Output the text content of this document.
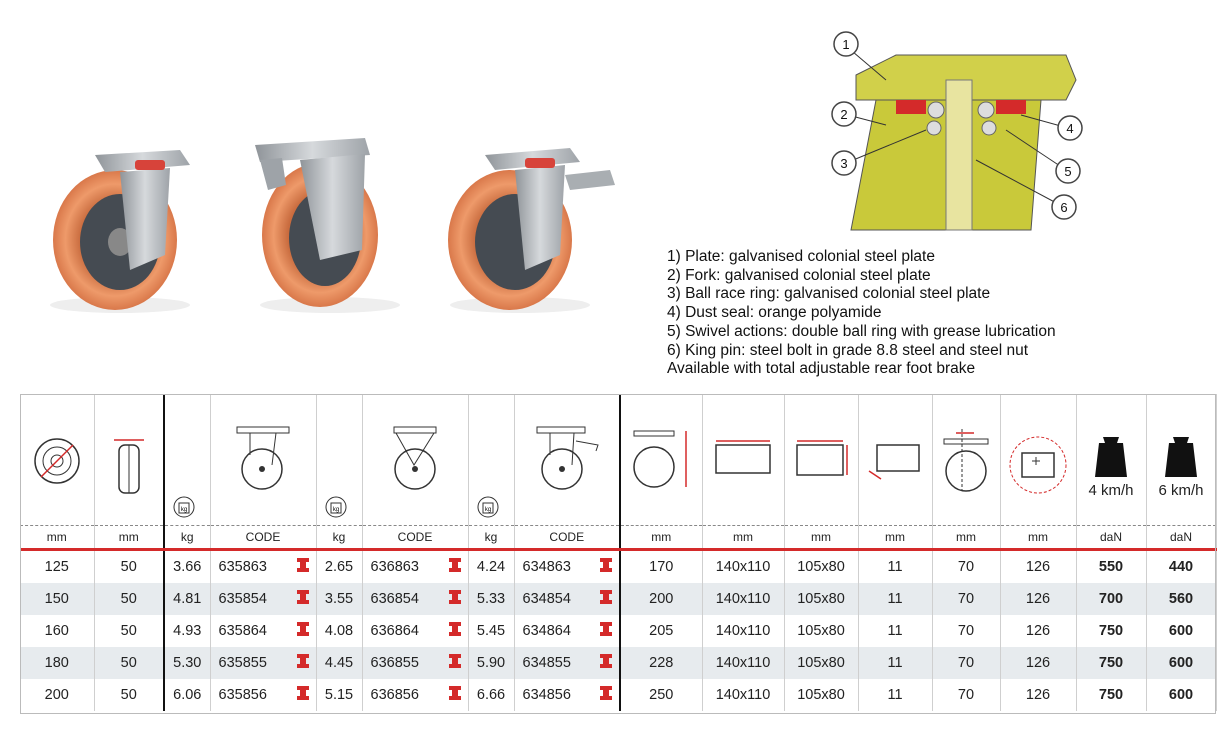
1
2
3
4
5
6
1) Plate: galvanised colonial steel plate
2) Fork: galvanised colonial steel plate
3) Ball race ring: galvanised colonial steel plate
4) Dust seal: orange polyamide
5) Swivel actions: double ball ring with grease lubrication
6) King pin: steel bolt in grade 8.8 steel and steel nut
Available with total adjustable rear foot brake

kg		kg		kg								4 km/h	6 km/h

mm	mm	kg	CODE	kg	CODE	kg	CODE	mm	mm	mm	mm	mm	mm	daN	daN
125	50	3.66	635863	2.65	636863	4.24	634863	170	140x110	105x80	11	70	126	550	440
150	50	4.81	635854	3.55	636854	5.33	634854	200	140x110	105x80	11	70	126	700	560
160	50	4.93	635864	4.08	636864	5.45	634864	205	140x110	105x80	11	70	126	750	600
180	50	5.30	635855	4.45	636855	5.90	634855	228	140x110	105x80	11	70	126	750	600
200	50	6.06	635856	5.15	636856	6.66	634856	250	140x110	105x80	11	70	126	750	600
